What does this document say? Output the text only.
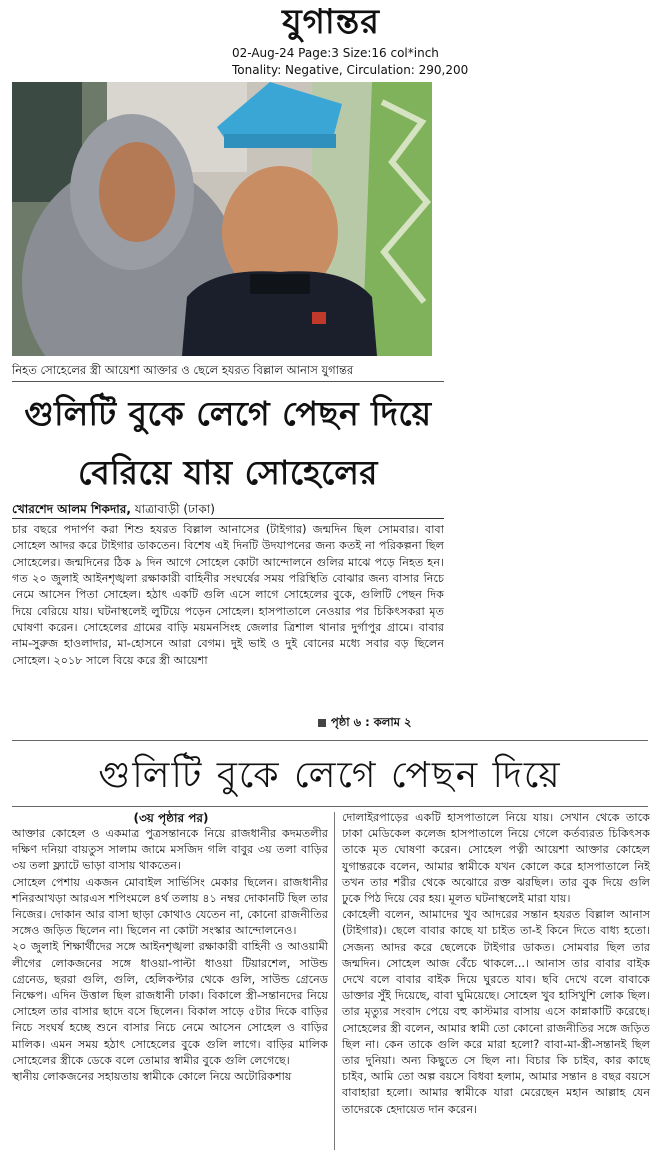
যুগান্তর
02-Aug-24 Page:3 Size:16 col*inch
Tonality: Negative, Circulation: 290,200
নিহত সোহেলের স্ত্রী আয়েশা আক্তার ও ছেলে হযরত বিল্লাল আনাস যুগান্তর
গুলিটি বুকে লেগে পেছন দিয়ে
বেরিয়ে যায় সোহেলের
খোরশেদ আলম শিকদার, যাত্রাবাড়ী (ঢাকা)

চার বছরে পদার্পণ করা শিশু হযরত বিল্লাল আনাসের (টাইগার) জন্মদিন ছিল সোমবার। বাবা সোহেল আদর করে টাইগার ডাকতেন। বিশেষ এই দিনটি উদযাপনের জন্য কতই না পরিকল্পনা ছিল সোহেলের। জন্মদিনের ঠিক ৯ দিন আগে সোহেল কোটা আন্দোলনে গুলির মাঝে পড়ে নিহত হন। গত ২০ জুলাই আইনশৃঙ্খলা রক্ষাকারী বাহিনীর সংঘর্ষের সময় পরিস্থিতি বোঝার জন্য বাসার নিচে নেমে আসেন পিতা সোহেল। হঠাৎ একটি গুলি এসে লাগে সোহেলের বুকে, গুলিটি পেছন দিক দিয়ে বেরিয়ে যায়। ঘটনাস্থলেই লুটিয়ে পড়েন সোহেল। হাসপাতালে নেওয়ার পর চিকিৎসকরা মৃত ঘোষণা করেন। সোহেলের গ্রামের বাড়ি ময়মনসিংহ জেলার ত্রিশাল থানার দুর্গাপুর গ্রামে। বাবার নাম-সুরুজ হাওলাদার, মা-হোসনে আরা বেগম। দুই ভাই ও দুই বোনের মধ্যে সবার বড় ছিলেন সোহেল। ২০১৮ সালে বিয়ে করে স্ত্রী আয়েশা

পৃষ্ঠা ৬ : কলাম ২
গুলিটি বুকে লেগে পেছন দিয়ে
(৩য় পৃষ্ঠার পর)

আক্তার কোহেল ও একমাত্র পুত্রসন্তানকে নিয়ে রাজধানীর কদমতলীর দক্ষিণ দনিয়া বায়তুস সালাম জামে মসজিদ গলি বাবুর ৩য় তলা বাড়ির ৩য় তলা ফ্ল্যাটে ভাড়া বাসায় থাকতেন।

সোহেল পেশায় একজন মোবাইল সার্ভিসিং মেকার ছিলেন। রাজধানীর শনিরআখড়া আরএস শপিংমলে ৪র্থ তলায় ৪১ নম্বর দোকানটি ছিল তার নিজের। দোকান আর বাসা ছাড়া কোথাও যেতেন না, কোনো রাজনীতির সঙ্গেও জড়িত ছিলেন না। ছিলেন না কোটা সংস্কার আন্দোলনেও।

২০ জুলাই শিক্ষার্থীদের সঙ্গে আইনশৃঙ্খলা রক্ষাকারী বাহিনী ও আওয়ামী লীগের লোকজনের সঙ্গে ধাওয়া-পাল্টা ধাওয়া টিয়ারশেল, সাউন্ড গ্রেনেড, ছররা গুলি, গুলি, হেলিকপ্টার থেকে গুলি, সাউন্ড গ্রেনেড নিক্ষেপ। এদিন উত্তাল ছিল রাজধানী ঢাকা। বিকালে স্ত্রী-সন্তানদের নিয়ে সোহেল তার বাসার ছাদে বসে ছিলেন। বিকাল সাড়ে ৫টার দিকে বাড়ির নিচে সংঘর্ষ হচ্ছে শুনে বাসার নিচে নেমে আসেন সোহেল ও বাড়ির মালিক। এমন সময় হঠাৎ সোহেলের বুকে গুলি লাগে। বাড়ির মালিক সোহেলের স্ত্রীকে ডেকে বলে তোমার স্বামীর বুকে গুলি লেগেছে।

স্থানীয় লোকজনের সহায়তায় স্বামীকে কোলে নিয়ে অটোরিকশায়

দোলাইরপাড়ের একটি হাসপাতালে নিয়ে যায়। সেখান থেকে তাকে ঢাকা মেডিকেল কলেজ হাসপাতালে নিয়ে গেলে কর্তব্যরত চিকিৎসক তাকে মৃত ঘোষণা করেন। সোহেল পত্নী আয়েশা আক্তার কোহেল যুগান্তরকে বলেন, আমার স্বামীকে যখন কোলে করে হাসপাতালে নিই তখন তার শরীর থেকে অঝোরে রক্ত ঝরছিল। তার বুক দিয়ে গুলি ঢুকে পিঠ দিয়ে বের হয়। মূলত ঘটনাস্থলেই মারা যায়।

কোহেলী বলেন, আমাদের খুব আদরের সন্তান হযরত বিল্লাল আনাস (টাইগার)। ছেলে বাবার কাছে যা চাইত তা-ই কিনে দিতে বাধ্য হতো। সেজন্য আদর করে ছেলেকে টাইগার ডাকত। সোমবার ছিল তার জন্মদিন। সোহেল আজ বেঁচে থাকলে...। আনাস তার বাবার বাইক দেখে বলে বাবার বাইক দিয়ে ঘুরতে যাব। ছবি দেখে বলে বাবাকে ডাক্তার সুঁই দিয়েছে, বাবা ঘুমিয়েছে। সোহেল খুব হাসিখুশি লোক ছিল। তার মৃত্যুর সংবাদ পেয়ে বহু কাস্টমার বাসায় এসে কান্নাকাটি করেছে। সোহেলের স্ত্রী বলেন, আমার স্বামী তো কোনো রাজনীতির সঙ্গে জড়িত ছিল না। কেন তাকে গুলি করে মারা হলো? বাবা-মা-স্ত্রী-সন্তানই ছিল তার দুনিয়া। অন্য কিছুতে সে ছিল না। বিচার কি চাইব, কার কাছে চাইব, আমি তো অল্প বয়সে বিধবা হলাম, আমার সন্তান ৪ বছর বয়সে বাবাহারা হলো। আমার স্বামীকে যারা মেরেছেন মহান আল্লাহ যেন তাদেরকে হেদায়েত দান করেন।
